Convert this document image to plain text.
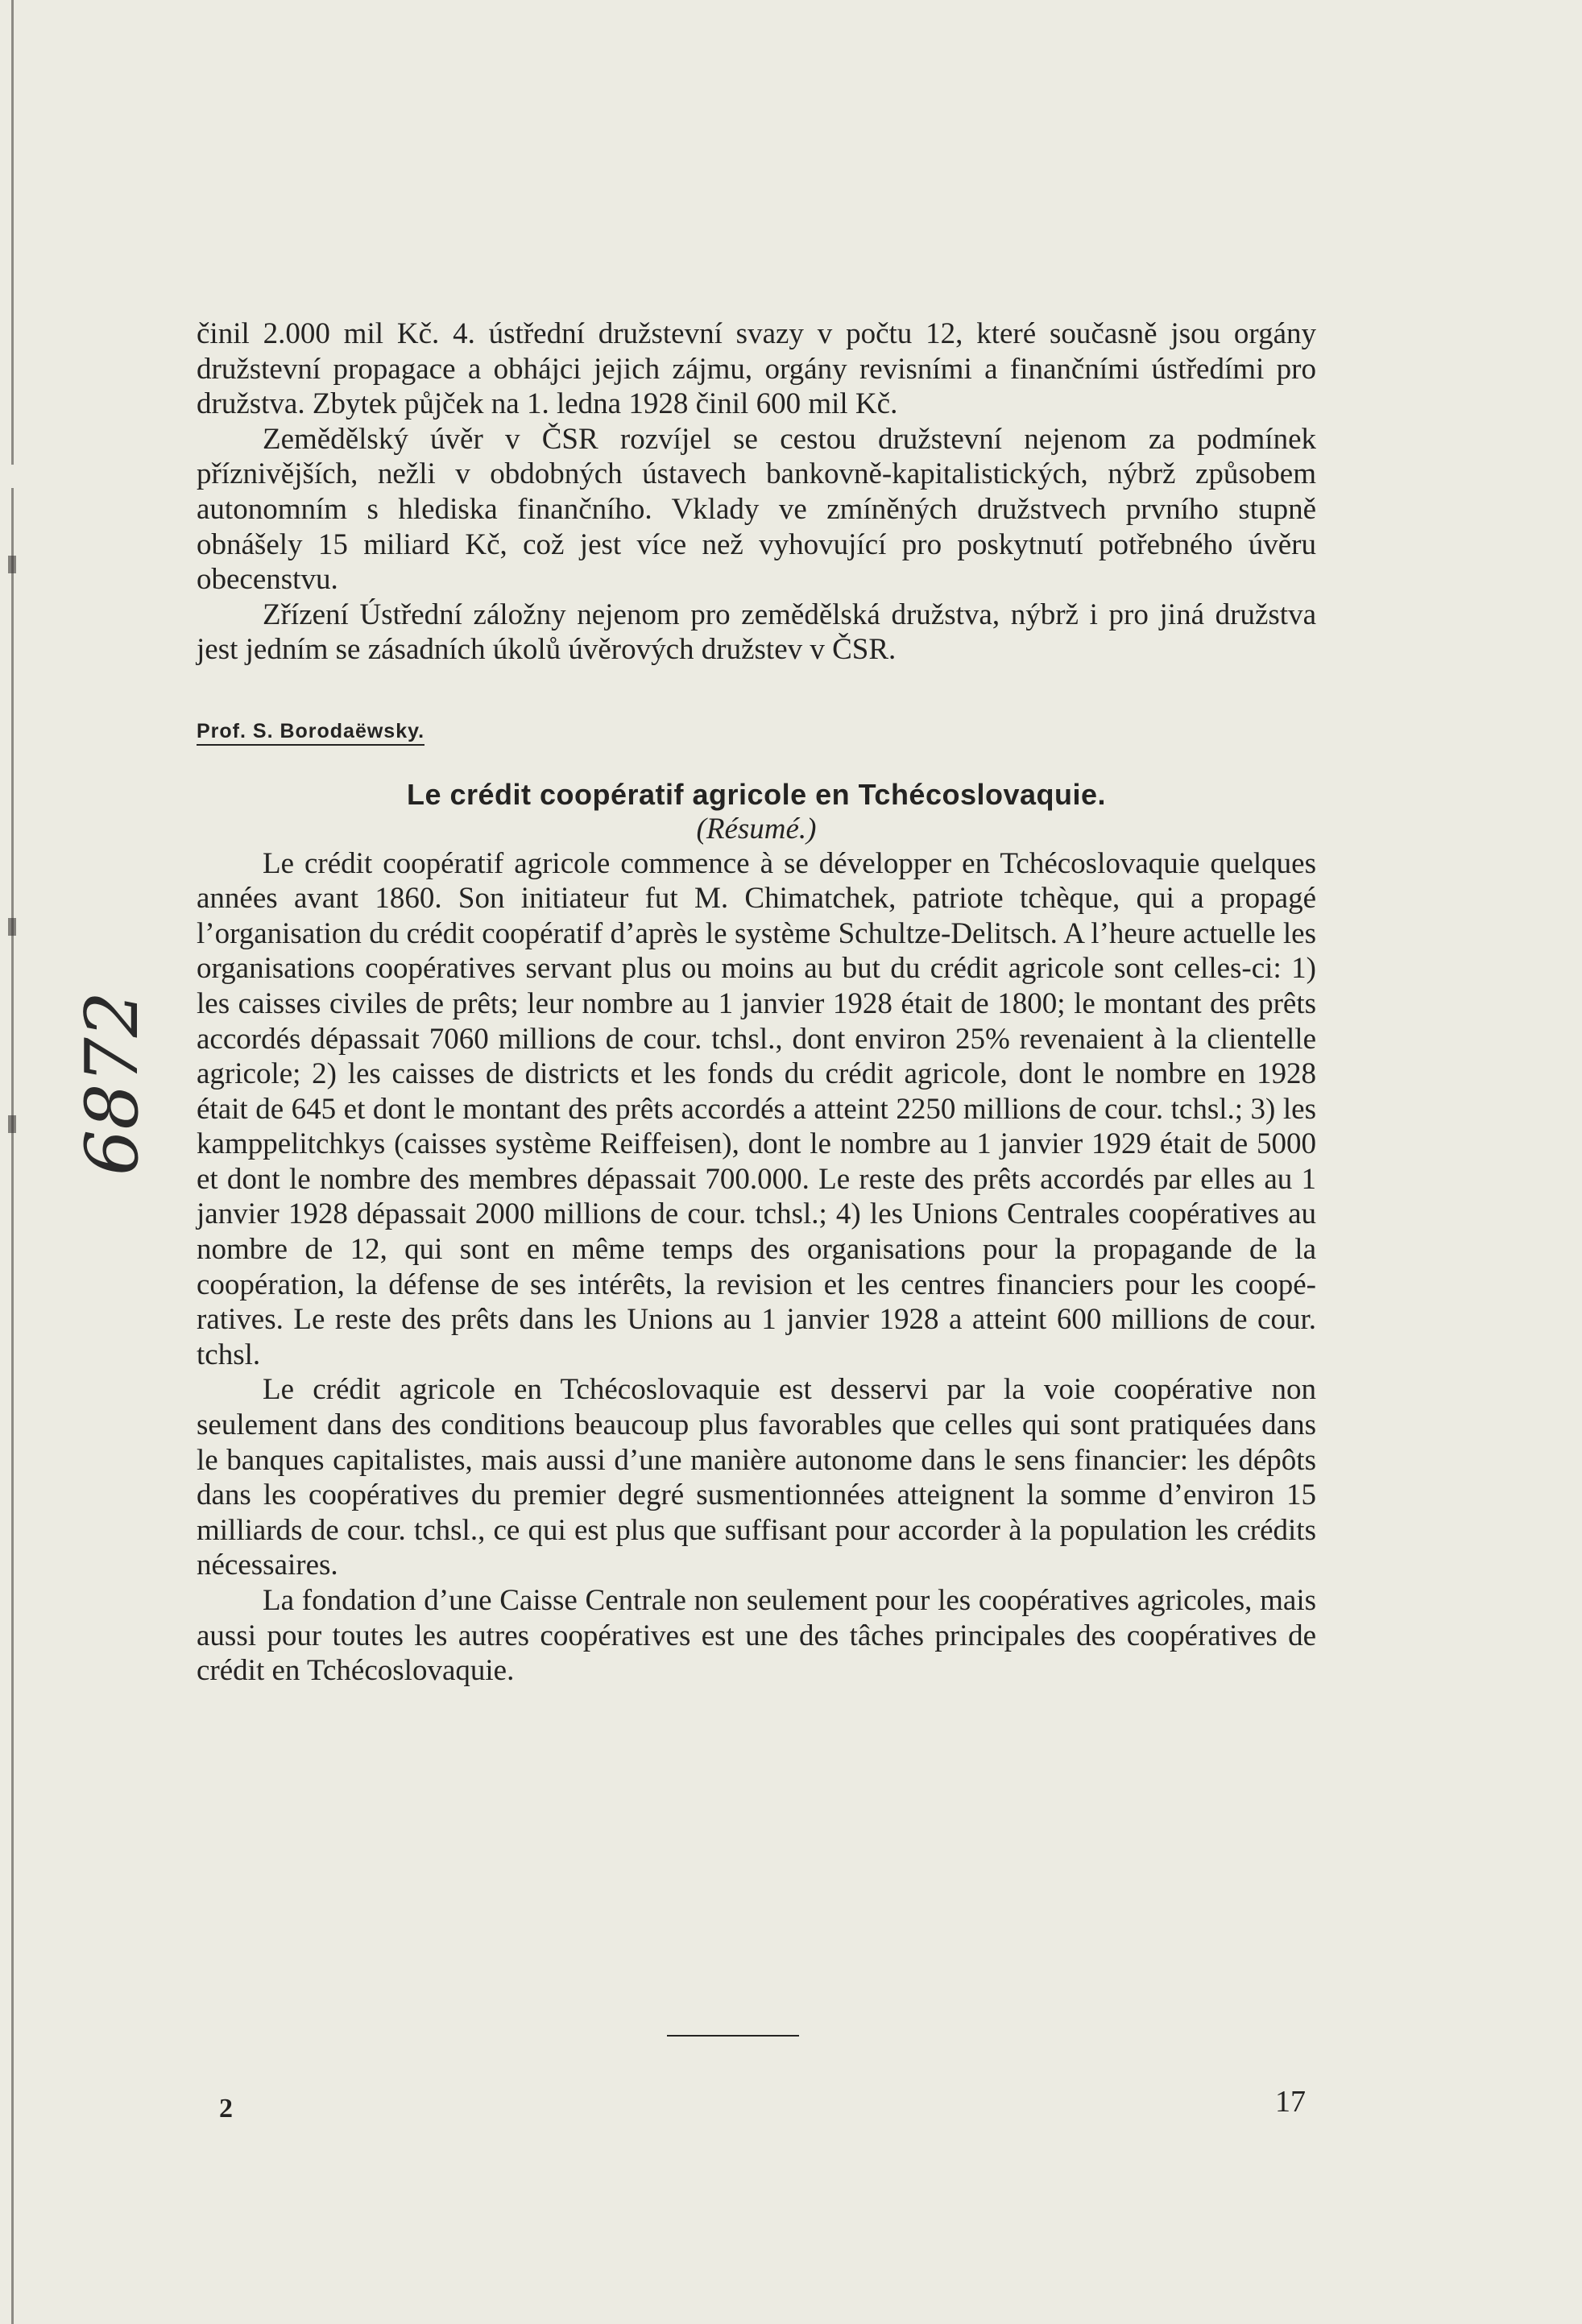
6872

činil 2.000 mil Kč. 4. ústřední družstevní svazy v počtu 12, které současně jsou orgány družstevní propagace a obhájci jejich zájmu, orgány revisními a finančními ústředími pro družstva. Zbytek půjček na 1. ledna 1928 činil 600 mil Kč.

Zemědělský úvěr v ČSR rozvíjel se cestou družstevní nejenom za podmínek příznivějších, nežli v obdobných ústavech bankovně-kapitalistických, nýbrž způsobem autonomním s hlediska finančního. Vklady ve zmíněných družstvech prvního stupně obnášely 15 miliard Kč, což jest více než vyhovující pro poskytnutí potřebného úvěru obecenstvu.

Zřízení Ústřední záložny nejenom pro zemědělská družstva, nýbrž i pro jiná družstva jest jedním se zásadních úkolů úvěrových družstev v ČSR.

Prof. S. Borodaëwsky.

Le crédit coopératif agricole en Tchécoslovaquie.

(Résumé.)

Le crédit coopératif agricole commence à se développer en Tchécoslovaquie quelques années avant 1860. Son initiateur fut M. Chimatchek, patriote tchèque, qui a propagé l’organisation du crédit coopératif d’après le système Schultze-Delitsch. A l’heure actuelle les organisations coopératives servant plus ou moins au but du crédit agricole sont celles-ci: 1) les caisses civiles de prêts; leur nombre au 1 janvier 1928 était de 1800; le montant des prêts accordés dépassait 7060 millions de cour. tchsl., dont environ 25% revenaient à la clientelle agricole; 2) les caisses de districts et les fonds du crédit agricole, dont le nombre en 1928 était de 645 et dont le montant des prêts accordés a atteint 2250 millions de cour. tchsl.; 3) les kamppelitchkys (caisses système Reiffeisen), dont le nombre au 1 janvier 1929 était de 5000 et dont le nombre des membres dépassait 700.000. Le reste des prêts accordés par elles au 1 janvier 1928 dépassait 2000 millions de cour. tchsl.; 4) les Unions Centrales coopératives au nombre de 12, qui sont en même temps des organisations pour la propagande de la coopération, la défense de ses intérêts, la revision et les centres financiers pour les coopératives. Le reste des prêts dans les Unions au 1 janvier 1928 a atteint 600 millions de cour. tchsl.

Le crédit agricole en Tchécoslovaquie est desservi par la voie coopérative non seulement dans des conditions beaucoup plus favorables que celles qui sont pratiquées dans le banques capitalistes, mais aussi d’une manière autonome dans le sens financier: les dépôts dans les coopératives du premier degré susmentionnées atteignent la somme d’environ 15 milliards de cour. tchsl., ce qui est plus que suffisant pour accorder à la population les crédits nécessaires.

La fondation d’une Caisse Centrale non seulement pour les coopératives agricoles, mais aussi pour toutes les autres coopératives est une des tâches principales des coopératives de crédit en Tchécoslovaquie.

2	17
